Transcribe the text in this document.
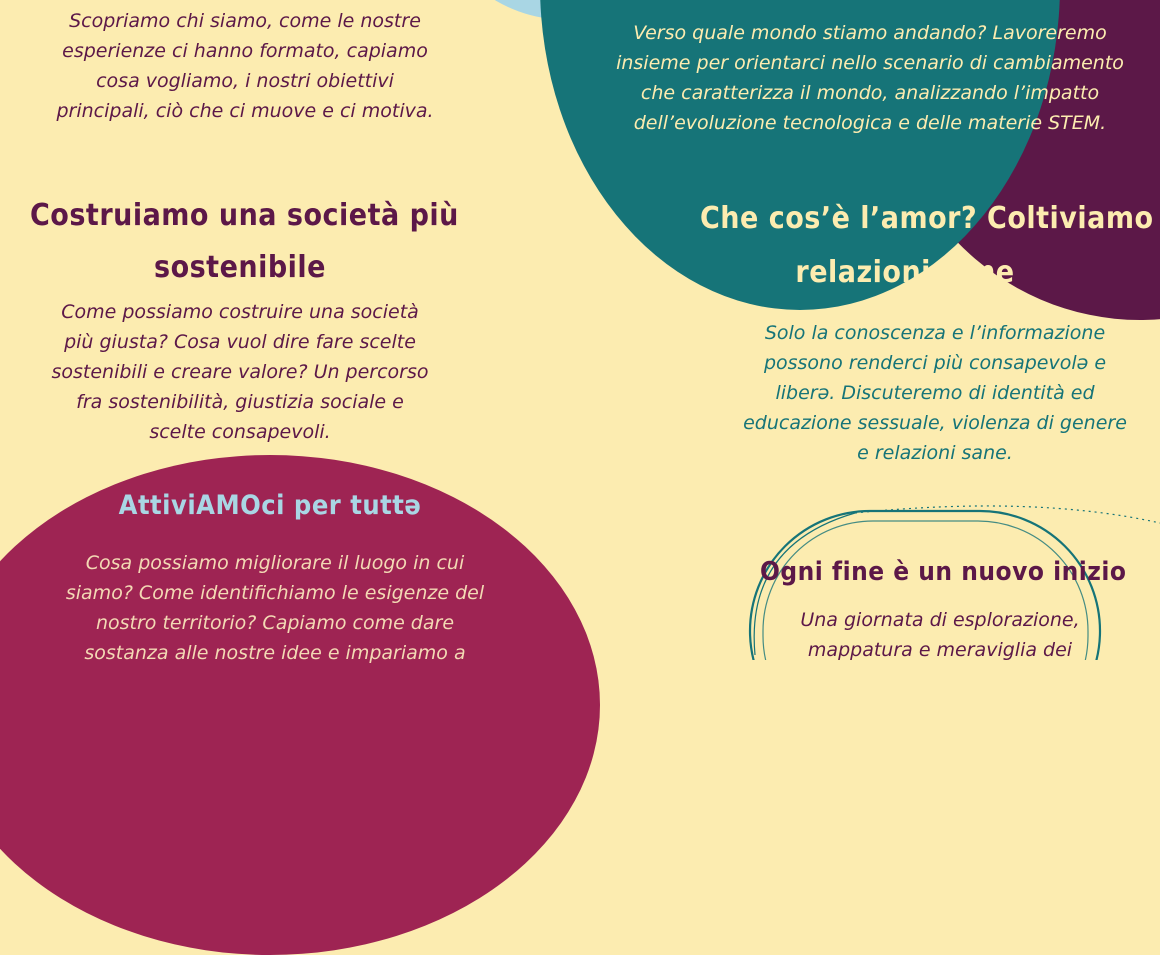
Scopriamo chi siamo, come le nostre
esperienze ci hanno formato, capiamo
cosa vogliamo, i nostri obiettivi
principali, ciò che ci muove e ci motiva.
Verso quale mondo stiamo andando? Lavoreremo
insieme per orientarci nello scenario di cambiamento
che caratterizza il mondo, analizzando l’impatto
dell’evoluzione tecnologica e delle materie STEM.
Costruiamo una società più
sostenibile
Come possiamo costruire una società
più giusta? Cosa vuol dire fare scelte
sostenibili e creare valore? Un percorso
fra sostenibilità, giustizia sociale e
scelte consapevoli.
Che cos’è l’amor? Coltiviamo
relazioni sane
Solo la conoscenza e l’informazione
possono renderci più consapevolə e
liberə. Discuteremo di identità ed
educazione sessuale, violenza di genere
e relazioni sane.
AttiviAMOci per tuttə
Cosa possiamo migliorare il luogo in cui
siamo? Come identifichiamo le esigenze del
nostro territorio? Capiamo come dare
sostanza alle nostre idee e impariamo a
Ogni fine è un nuovo inizio
Una giornata di esplorazione,
mappatura e meraviglia dei
